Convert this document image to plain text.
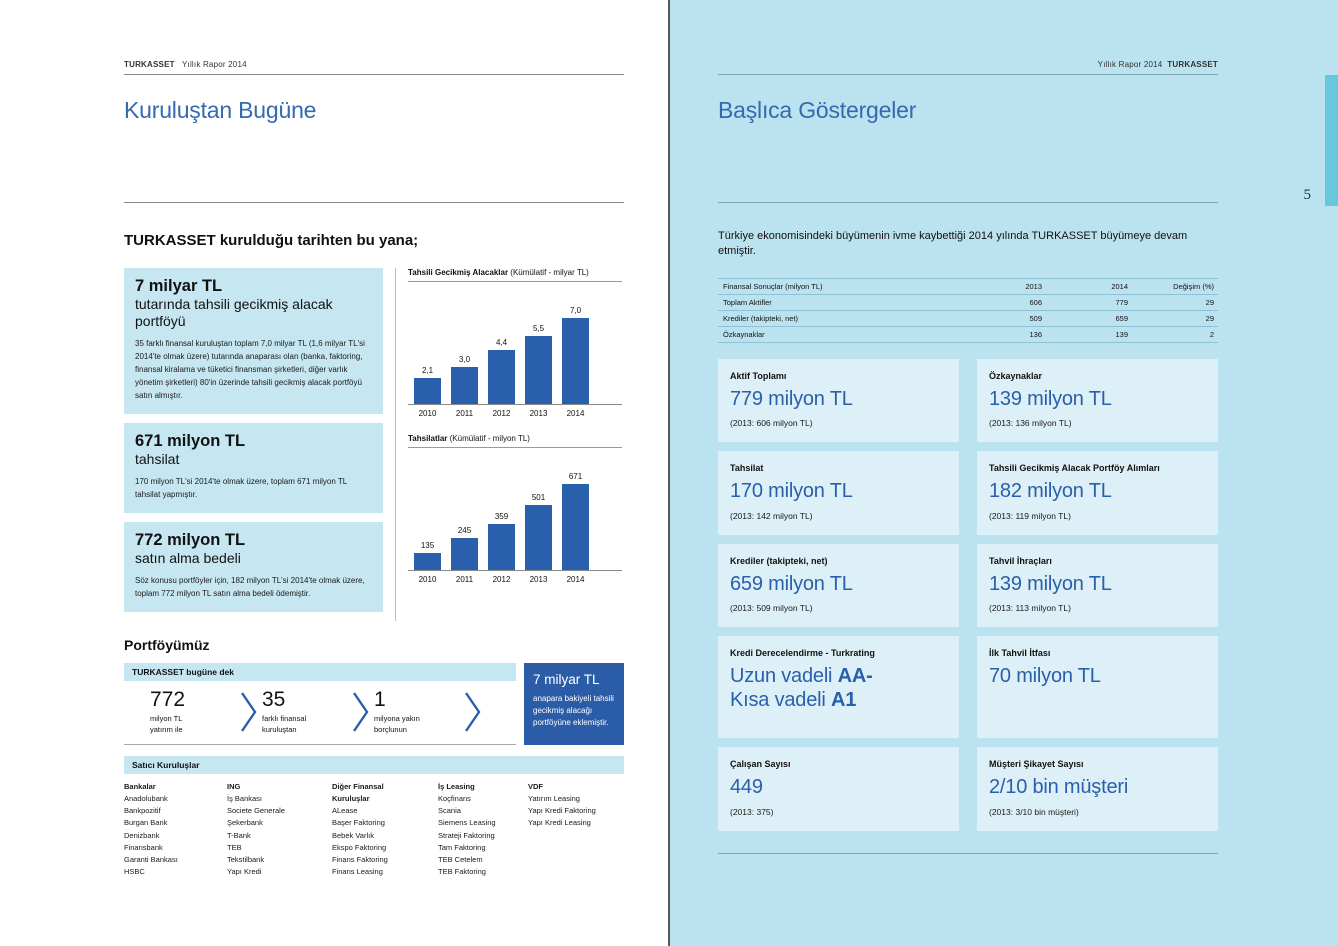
TURKASSET Yıllık Rapor 2014
Kuruluştan Bugüne
TURKASSET kurulduğu tarihten bu yana;
7 milyar TL
tutarında tahsili gecikmiş alacak portföyü
35 farklı finansal kuruluştan toplam 7,0 milyar TL (1,6 milyar TL'si 2014'te olmak üzere) tutarında anaparası olan (banka, faktoring, finansal kiralama ve tüketici finansman şirketleri, diğer varlık yönetim şirketleri) 80'in üzerinde tahsili gecikmiş alacak portföyü satın almıştır.
671 milyon TL
tahsilat
170 milyon TL'si 2014'te olmak üzere, toplam 671 milyon TL tahsilat yapmıştır.
772 milyon TL
satın alma bedeli
Söz konusu portföyler için, 182 milyon TL'si 2014'te olmak üzere, toplam 772 milyon TL satın alma bedeli ödemiştir.
Tahsili Gecikmiş Alacaklar (Kümülatif - milyar TL)
2,1
3,0
4,4
5,5
7,0
2010	2011	2012	2013	2014
Tahsilatlar (Kümülatif - milyon TL)
135
245
359
501
671
2010	2011	2012	2013	2014
Portföyümüz
TURKASSET bugüne dek
772
milyon TL
yatırım ile
35
farklı finansal
kuruluştan
1
milyona yakın
borçlunun
7 milyar TL
anapara bakiyeli tahsili gecikmiş alacağı portföyüne eklemiştir.
Satıcı Kuruluşlar
Bankalar
Anadolubank
Bankpozitif
Burgan Bank
Denizbank
Finansbank
Garanti Bankası
HSBC
ING
İş Bankası
Societe Generale
Şekerbank
T-Bank
TEB
Tekstilbank
Yapı Kredi
Diğer Finansal
Kuruluşlar
ALease
Başer Faktoring
Bebek Varlık
Ekspo Faktoring
Finans Faktoring
Finans Leasing
İş Leasing
Koçfinans
Scania
Siemens Leasing
Strateji Faktoring
Tam Faktoring
TEB Cetelem
TEB Faktoring
VDF
Yatırım Leasing
Yapı Kredi Faktoring
Yapı Kredi Leasing
Yıllık Rapor 2014 TURKASSET
Başlıca Göstergeler
Türkiye ekonomisindeki büyümenin ivme kaybettiği 2014 yılında TURKASSET büyümeye devam etmiştir.
Finansal Sonuçlar (milyon TL)	2013	2014	Değişim (%)
Toplam Aktifler	606	779	29
Krediler (takipteki, net)	509	659	29
Özkaynaklar	136	139	2
Aktif Toplamı
779 milyon TL
(2013: 606 milyon TL)
Özkaynaklar
139 milyon TL
(2013: 136 milyon TL)
Tahsilat
170 milyon TL
(2013: 142 milyon TL)
Tahsili Gecikmiş Alacak Portföy Alımları
182 milyon TL
(2013: 119 milyon TL)
Krediler (takipteki, net)
659 milyon TL
(2013: 509 milyon TL)
Tahvil İhraçları
139 milyon TL
(2013: 113 milyon TL)
Kredi Derecelendirme - Turkrating
Uzun vadeli AA-
Kısa vadeli A1
İlk Tahvil İtfası
70 milyon TL
Çalışan Sayısı
449
(2013: 375)
Müşteri Şikayet Sayısı
2/10 bin müşteri
(2013: 3/10 bin müşteri)
5
